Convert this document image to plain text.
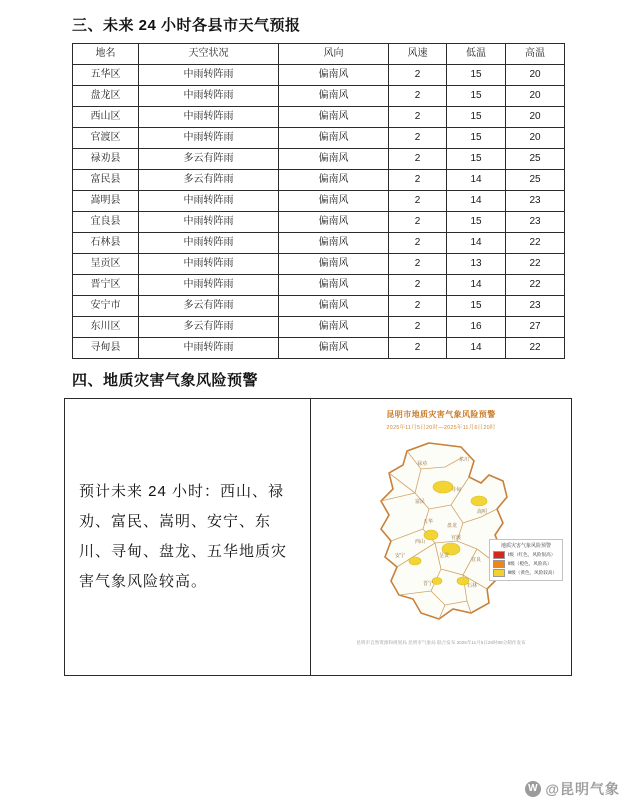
三、未来 24 小时各县市天气预报
地名	天空状况	风向	风速	低温	高温
五华区	中雨转阵雨	偏南风	2	15	20
盘龙区	中雨转阵雨	偏南风	2	15	20
西山区	中雨转阵雨	偏南风	2	15	20
官渡区	中雨转阵雨	偏南风	2	15	20
禄劝县	多云有阵雨	偏南风	2	15	25
富民县	多云有阵雨	偏南风	2	14	25
嵩明县	中雨转阵雨	偏南风	2	14	23
宜良县	中雨转阵雨	偏南风	2	15	23
石林县	中雨转阵雨	偏南风	2	14	22
呈贡区	中雨转阵雨	偏南风	2	13	22
晋宁区	中雨转阵雨	偏南风	2	14	22
安宁市	多云有阵雨	偏南风	2	15	23
东川区	多云有阵雨	偏南风	2	16	27
寻甸县	中雨转阵雨	偏南风	2	14	22
四、地质灾害气象风险预警

预计未来 24 小时：西山、禄劝、富民、嵩明、安宁、东川、寻甸、盘龙、五华地质灾害气象风险较高。

昆明市地质灾害气象风险预警
2025年11月5日20时—2025年11月6日20时
禄劝
东川
寻甸
富民
嵩明
五华
盘龙
西山
官渡
安宁	呈贡
宜良
晋宁	石林
地质灾害气象风险预警
Ⅰ级（红色，风险很高）
Ⅱ级（橙色，风险高）
Ⅲ级（黄色，风险较高）
昆明市自然资源和规划局 昆明市气象局 联合发布 2025年11月5日20时08分制作发布
W @昆明气象
